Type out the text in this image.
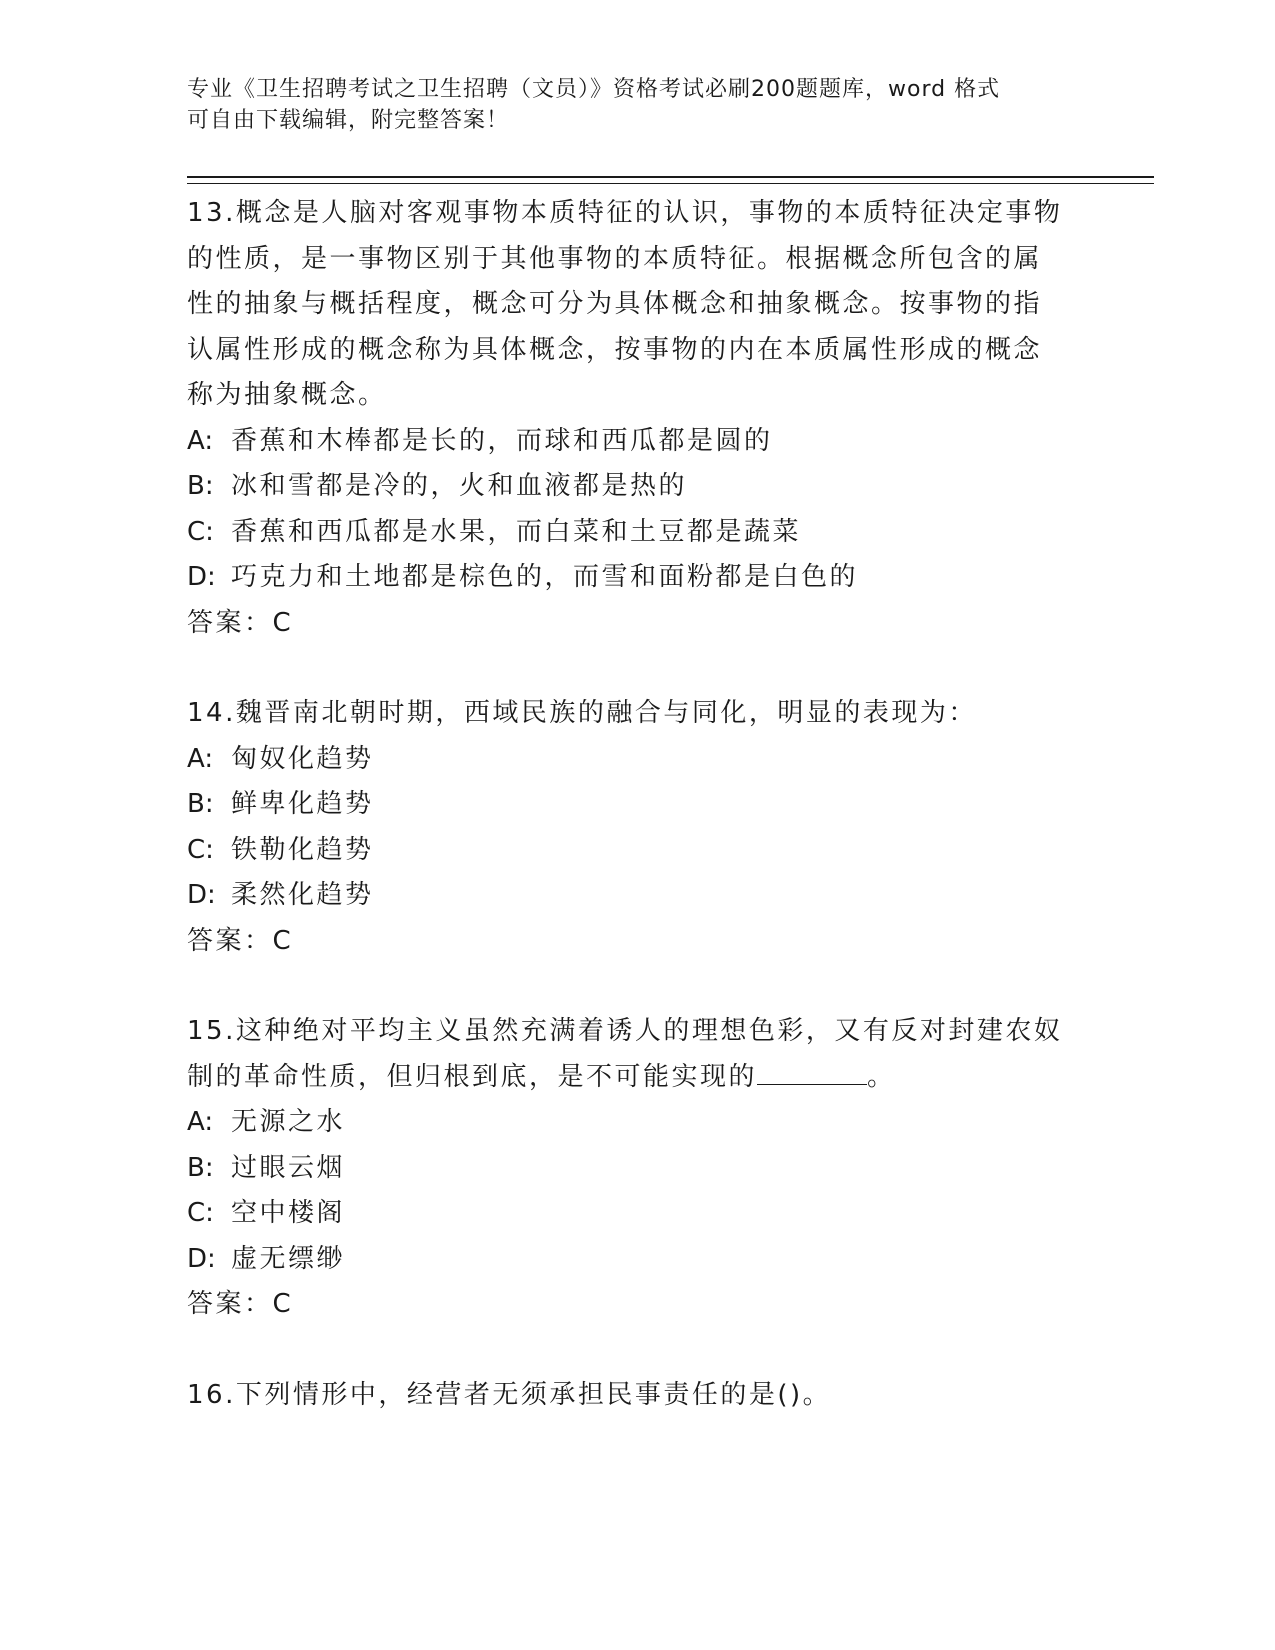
专业《卫生招聘考试之卫生招聘（文员）》资格考试必刷200题题库，word 格式
可自由下载编辑，附完整答案！

13.概念是人脑对客观事物本质特征的认识，事物的本质特征决定事物

的性质，是一事物区别于其他事物的本质特征。根据概念所包含的属

性的抽象与概括程度，概念可分为具体概念和抽象概念。按事物的指

认属性形成的概念称为具体概念，按事物的内在本质属性形成的概念

称为抽象概念。

A: 香蕉和木棒都是长的，而球和西瓜都是圆的
B: 冰和雪都是冷的，火和血液都是热的
C: 香蕉和西瓜都是水果，而白菜和土豆都是蔬菜
D: 巧克力和土地都是棕色的，而雪和面粉都是白色的

答案：C

14.魏晋南北朝时期，西域民族的融合与同化，明显的表现为：

A: 匈奴化趋势
B: 鲜卑化趋势
C: 铁勒化趋势
D: 柔然化趋势

答案：C

15.这种绝对平均主义虽然充满着诱人的理想色彩，又有反对封建农奴

制的革命性质，但归根到底，是不可能实现的	。

A: 无源之水
B: 过眼云烟
C: 空中楼阁
D: 虚无缥缈

答案：C

16.下列情形中，经营者无须承担民事责任的是()。
